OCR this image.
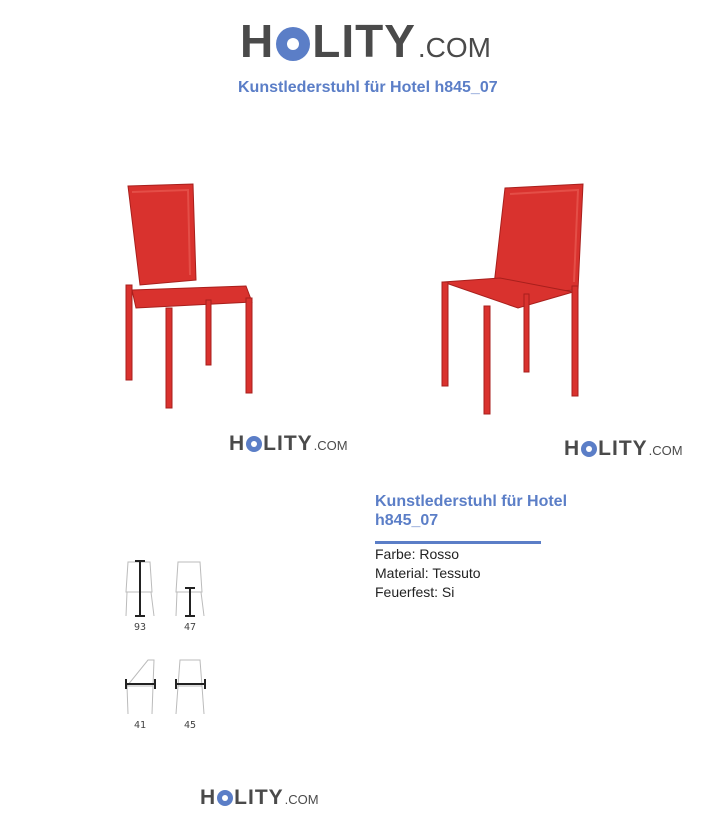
H LITY .COM
Kunstlederstuhl für Hotel h845_07
H LITY .COM	H LITY .COM
Kunstlederstuhl für Hotel h845_07
Farbe: Rosso
Material: Tessuto
Feuerfest: Si
93	47
41	45
H LITY .COM
